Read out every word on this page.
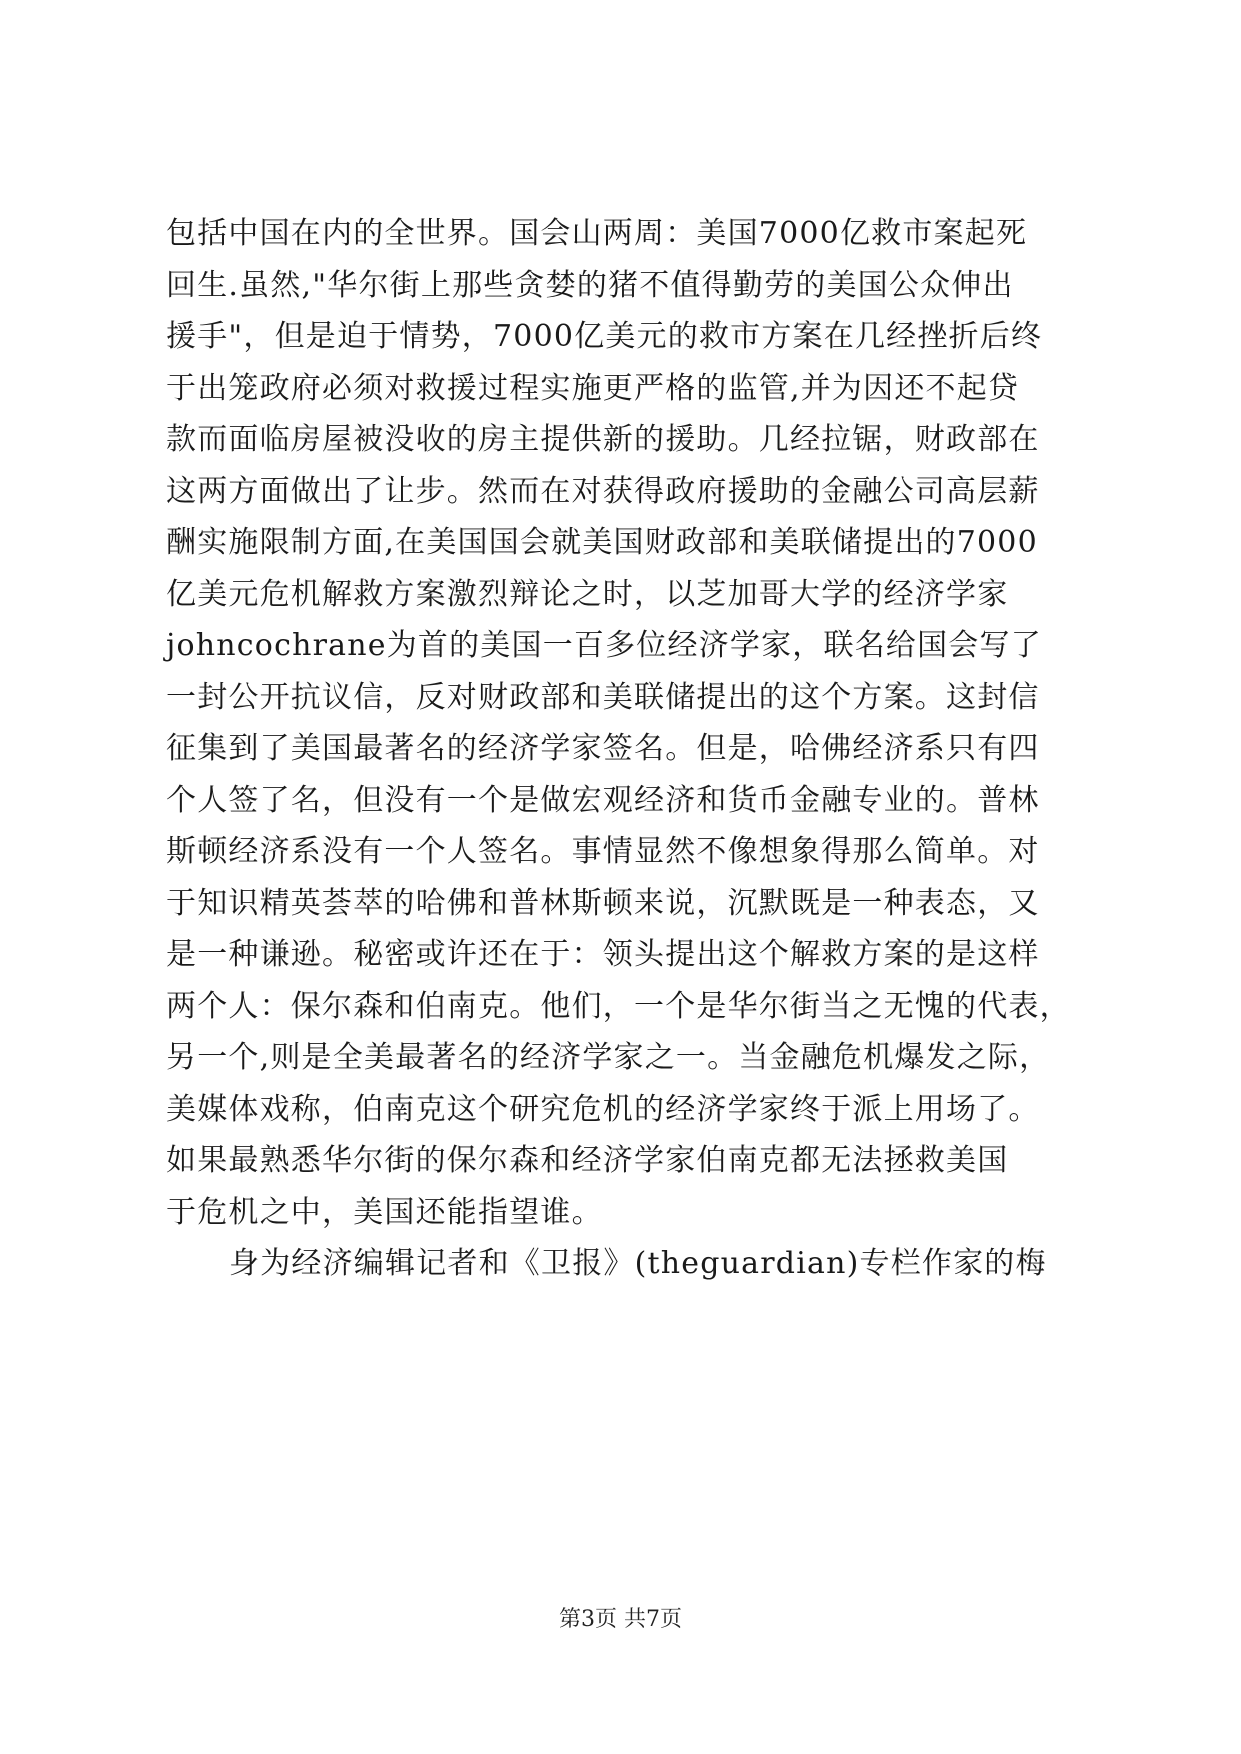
包括中国在内的全世界。国会山两周：美国7000亿救市案起死
回生.虽然,"华尔街上那些贪婪的猪不值得勤劳的美国公众伸出
援手"，但是迫于情势，7000亿美元的救市方案在几经挫折后终
于出笼政府必须对救援过程实施更严格的监管,并为因还不起贷
款而面临房屋被没收的房主提供新的援助。几经拉锯，财政部在
这两方面做出了让步。然而在对获得政府援助的金融公司高层薪
酬实施限制方面,在美国国会就美国财政部和美联储提出的7000
亿美元危机解救方案激烈辩论之时，以芝加哥大学的经济学家
johncochrane为首的美国一百多位经济学家，联名给国会写了
一封公开抗议信，反对财政部和美联储提出的这个方案。这封信
征集到了美国最著名的经济学家签名。但是，哈佛经济系只有四
个人签了名，但没有一个是做宏观经济和货币金融专业的。普林
斯顿经济系没有一个人签名。事情显然不像想象得那么简单。对
于知识精英荟萃的哈佛和普林斯顿来说，沉默既是一种表态，又
是一种谦逊。秘密或许还在于：领头提出这个解救方案的是这样
两个人：保尔森和伯南克。他们，一个是华尔街当之无愧的代表，
另一个,则是全美最著名的经济学家之一。当金融危机爆发之际，
美媒体戏称，伯南克这个研究危机的经济学家终于派上用场了。
如果最熟悉华尔街的保尔森和经济学家伯南克都无法拯救美国
于危机之中，美国还能指望谁。
身为经济编辑记者和《卫报》(theguardian)专栏作家的梅
第3页 共7页
